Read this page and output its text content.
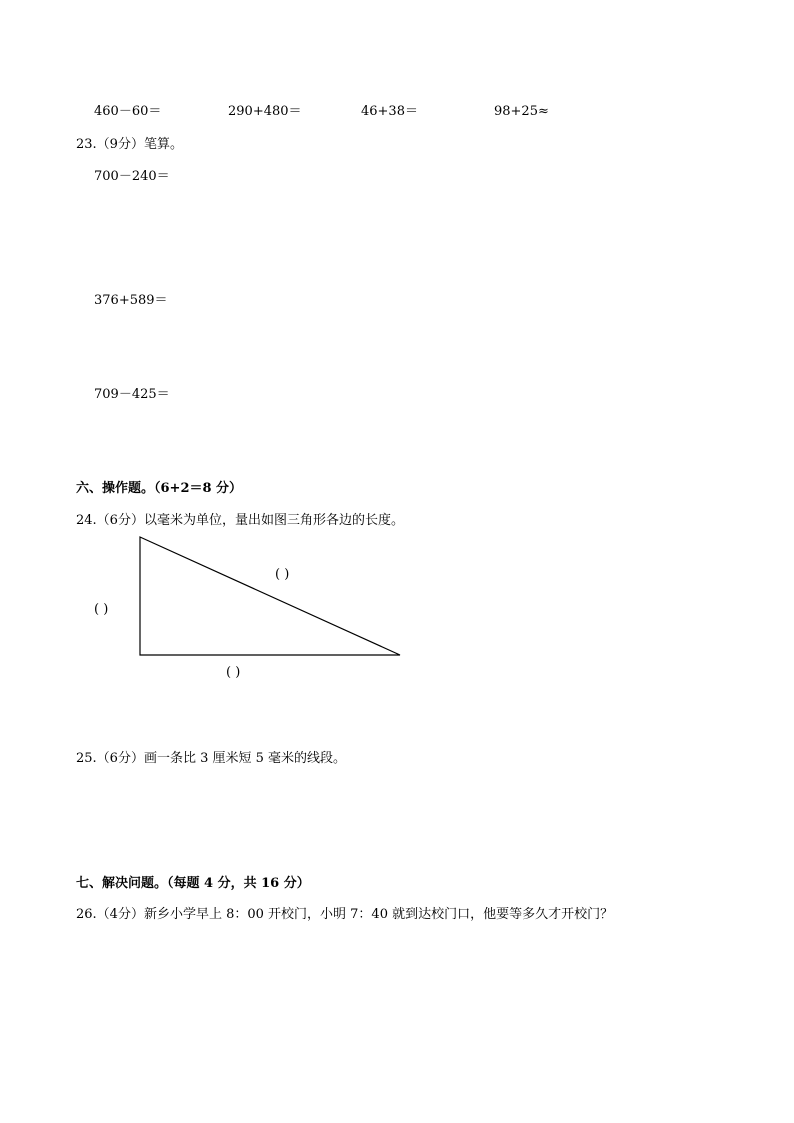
460－60＝	290+480＝	46+38＝	98+25≈
23.（9分）笔算。
700－240＝
376+589＝
709－425＝
六、操作题。（6+2＝8 分）
24.（6分）以毫米为单位，量出如图三角形各边的长度。
( )
( )
( )
25.（6分）画一条比 3 厘米短 5 毫米的线段。
七、解决问题。（每题 4 分，共 16 分）
26.（4分）新乡小学早上 8：00 开校门，小明 7：40 就到达校门口，他要等多久才开校门？
